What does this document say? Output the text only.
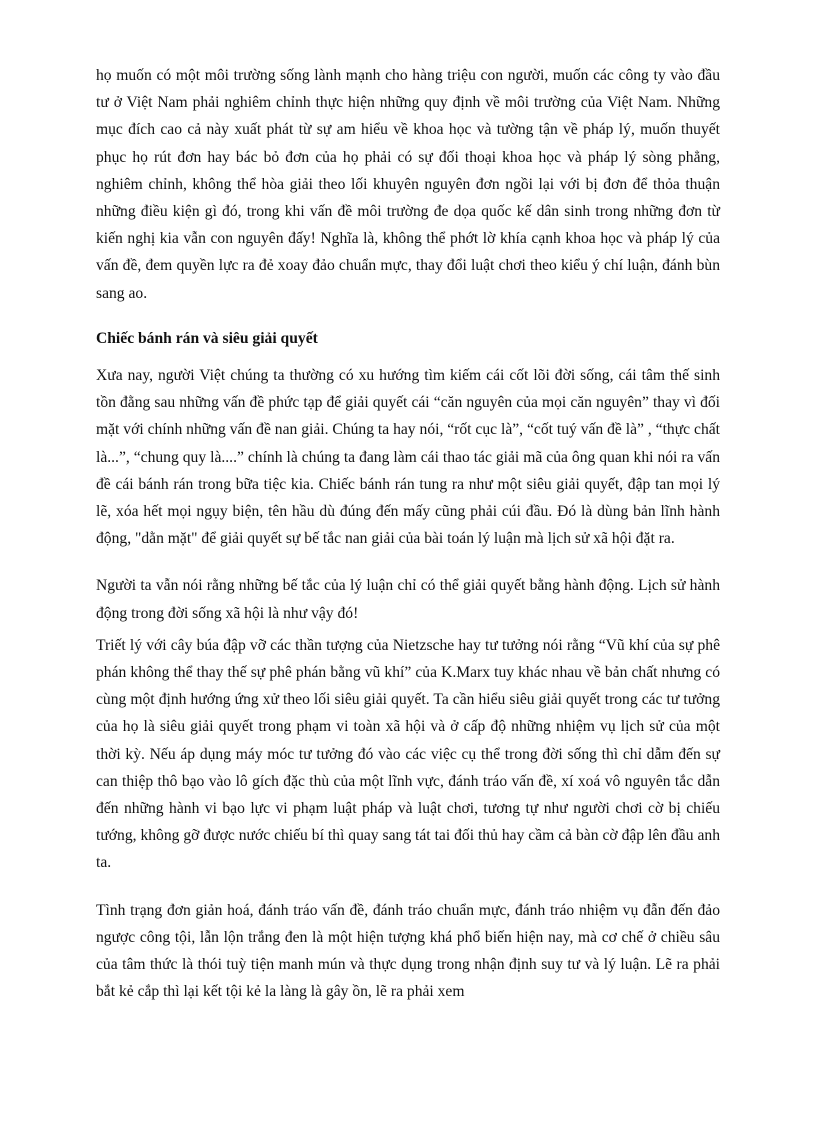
họ muốn có một môi trường sống lành mạnh cho hàng triệu con người, muốn các công ty vào đầu tư ở Việt Nam phải nghiêm chỉnh thực hiện những quy định về môi trường của Việt Nam. Những mục đích cao cả này xuất phát từ sự am hiểu về khoa học và tường tận về pháp lý, muốn thuyết phục họ rút đơn hay bác bỏ đơn của họ phải có sự đối thoại khoa học và pháp lý sòng phẳng, nghiêm chỉnh, không thể hòa giải theo lối khuyên nguyên đơn ngồi lại với bị đơn để thỏa thuận những điều kiện gì đó, trong khi vấn đề môi trường đe dọa quốc kế dân sinh trong những đơn từ kiến nghị kia vẫn con nguyên đấy! Nghĩa là, không thể phớt lờ khía cạnh khoa học và pháp lý của vấn đề, đem quyền lực ra đẻ xoay đảo chuẩn mực, thay đổi luật chơi theo kiểu ý chí luận, đánh bùn sang ao.

Chiếc bánh rán và siêu giải quyết

Xưa nay, người Việt chúng ta thường có xu hướng tìm kiếm cái cốt lõi đời sống, cái tâm thế sinh tồn đằng sau những vấn đề phức tạp để giải quyết cái “căn nguyên của mọi căn nguyên” thay vì đối mặt với chính những vấn đề nan giải. Chúng ta hay nói, “rốt cục là”, “cốt tuý vấn đề là” , “thực chất là...”, “chung quy là....” chính là chúng ta đang làm cái thao tác giải mã của ông quan khi nói ra vấn đề cái bánh rán trong bữa tiệc kia. Chiếc bánh rán tung ra như một siêu giải quyết, đập tan mọi lý lẽ, xóa hết mọi ngụy biện, tên hầu dù đúng đến mấy cũng phải cúi đầu. Đó là dùng bản lĩnh hành động, "dằn mặt" để giải quyết sự bế tắc nan giải của bài toán lý luận mà lịch sử xã hội đặt ra.

Người ta vẫn nói rằng những bế tắc của lý luận chỉ có thể giải quyết bằng hành động. Lịch sử hành động trong đời sống xã hội là như vậy đó!

Triết lý với cây búa đập vỡ các thần tượng của Nietzsche hay tư tưởng nói rằng “Vũ khí của sự phê phán không thể thay thế sự phê phán bằng vũ khí” của K.Marx tuy khác nhau về bản chất nhưng có cùng một định hướng ứng xử theo lối siêu giải quyết. Ta cần hiểu siêu giải quyết trong các tư tưởng của họ là siêu giải quyết trong phạm vi toàn xã hội và ở cấp độ những nhiệm vụ lịch sử của một thời kỳ. Nếu áp dụng máy móc tư tưởng đó vào các việc cụ thể trong đời sống thì chỉ dẫm đến sự can thiệp thô bạo vào lô gích đặc thù của một lĩnh vực, đánh tráo vấn đề, xí xoá vô nguyên tắc dẫn đến những hành vi bạo lực vi phạm luật pháp và luật chơi, tương tự như người chơi cờ bị chiếu tướng, không gỡ được nước chiếu bí thì quay sang tát tai đối thủ hay cầm cả bàn cờ đập lên đầu anh ta.

Tình trạng đơn giản hoá, đánh tráo vấn đề, đánh tráo chuẩn mực, đánh tráo nhiệm vụ đẫn đến đảo ngược công tội, lẫn lộn trắng đen là một hiện tượng khá phổ biến hiện nay, mà cơ chế ở chiều sâu của tâm thức là thói tuỳ tiện manh mún và thực dụng trong nhận định suy tư và lý luận. Lẽ ra phải bắt kẻ cắp thì lại kết tội kẻ la làng là gây ồn, lẽ ra phải xem
